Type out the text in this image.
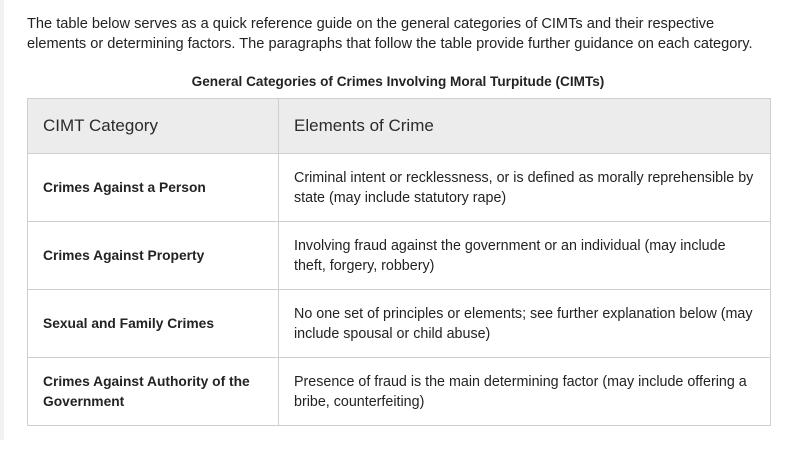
The table below serves as a quick reference guide on the general categories of CIMTs and their respective elements or determining factors. The paragraphs that follow the table provide further guidance on each category.

General Categories of Crimes Involving Moral Turpitude (CIMTs)
CIMT Category	Elements of Crime
Crimes Against a Person	Criminal intent or recklessness, or is defined as morally reprehensible by state (may include statutory rape)
Crimes Against Property	Involving fraud against the government or an individual (may include theft, forgery, robbery)
Sexual and Family Crimes	No one set of principles or elements; see further explanation below (may include spousal or child abuse)
Crimes Against Authority of the Government	Presence of fraud is the main determining factor (may include offering a bribe, counterfeiting)
